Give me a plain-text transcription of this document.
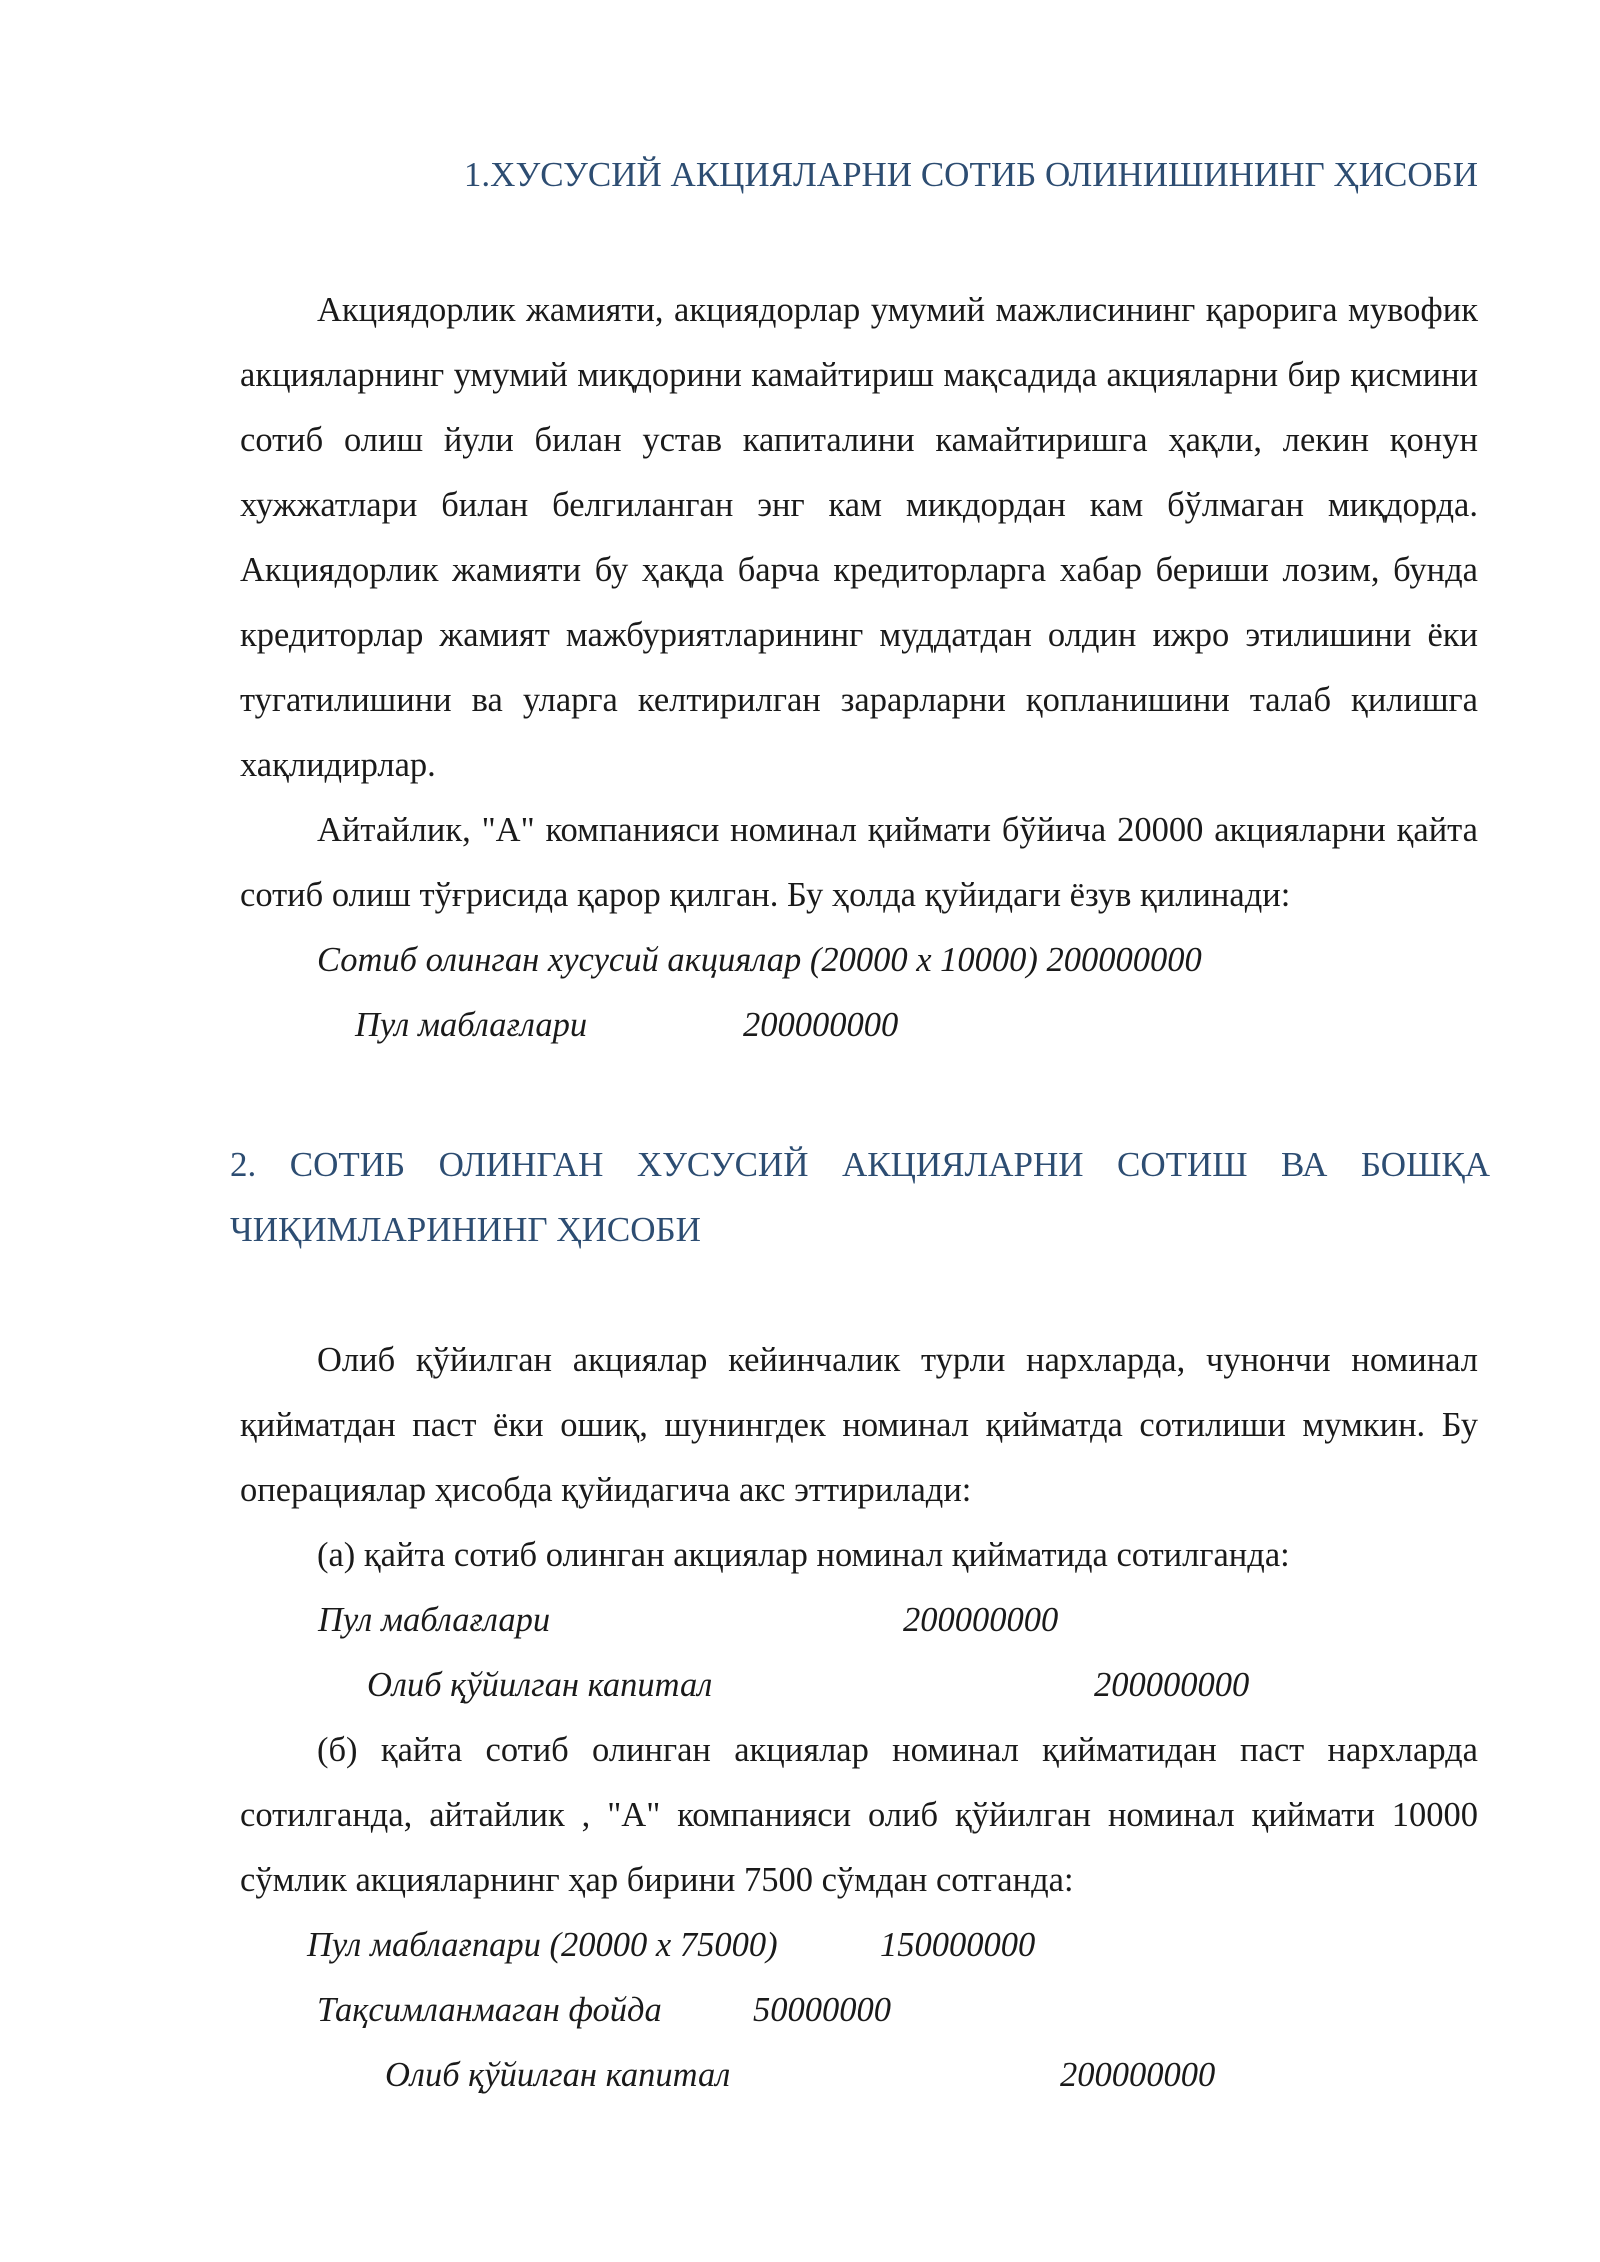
1.ХУСУСИЙ АКЦИЯЛАРНИ СОТИБ ОЛИНИШИНИНГ ҲИСОБИ

Акциядорлик жамияти, акциядорлар умумий мажлисининг қарорига мувофик акцияларнинг умумий миқдорини камайтириш мақсадида акцияларни бир қисмини сотиб олиш йули билан устав капиталини камайтиришга ҳақли, лекин қонун хужжатлари билан белгиланган энг кам микдордан кам бўлмаган миқдорда. Акциядорлик жамияти бу ҳақда барча кредиторларга хабар бериши лозим, бунда кредиторлар жамият мажбуриятларининг муддатдан олдин ижро этилишини ёки тугатилишини ва уларга келтирилган зарарларни қопланишини талаб қилишга хақлидирлар.

Айтайлик, "А" компанияси номинал қиймати бўйича 20000 акцияларни қайта сотиб олиш тўғрисида қарор қилган. Бу ҳолда қуйидаги ёзув қилинади:

Сотиб олинган хусусий акциялар (20000 х 10000) 200000000

Пул маблағлари	200000000
2. СОТИБ ОЛИНГАН ХУСУСИЙ АКЦИЯЛАРНИ СОТИШ ВА БОШҚА ЧИҚИМЛАРИНИНГ ҲИСОБИ

Олиб қўйилган акциялар кейинчалик турли нархларда, чунончи номинал қийматдан паст ёки ошиқ, шунингдек номинал қийматда сотилиши мумкин. Бу операциялар ҳисобда қуйидагича акс эттирилади:

(а) қайта сотиб олинган акциялар номинал қийматида сотилганда:

Пул маблағлари	200000000
Олиб қўйилган капитал	200000000

(б) қайта сотиб олинган акциялар номинал қийматидан паст нархларда сотилганда, айтайлик , "А" компанияси олиб қўйилган номинал қиймати 10000 сўмлик акцияларнинг ҳар бирини 7500 сўмдан сотганда:

Пул маблағпари (20000 х 75000)	150000000
Тақсимланмаган фойда	50000000
Олиб қўйилган капитал	200000000
